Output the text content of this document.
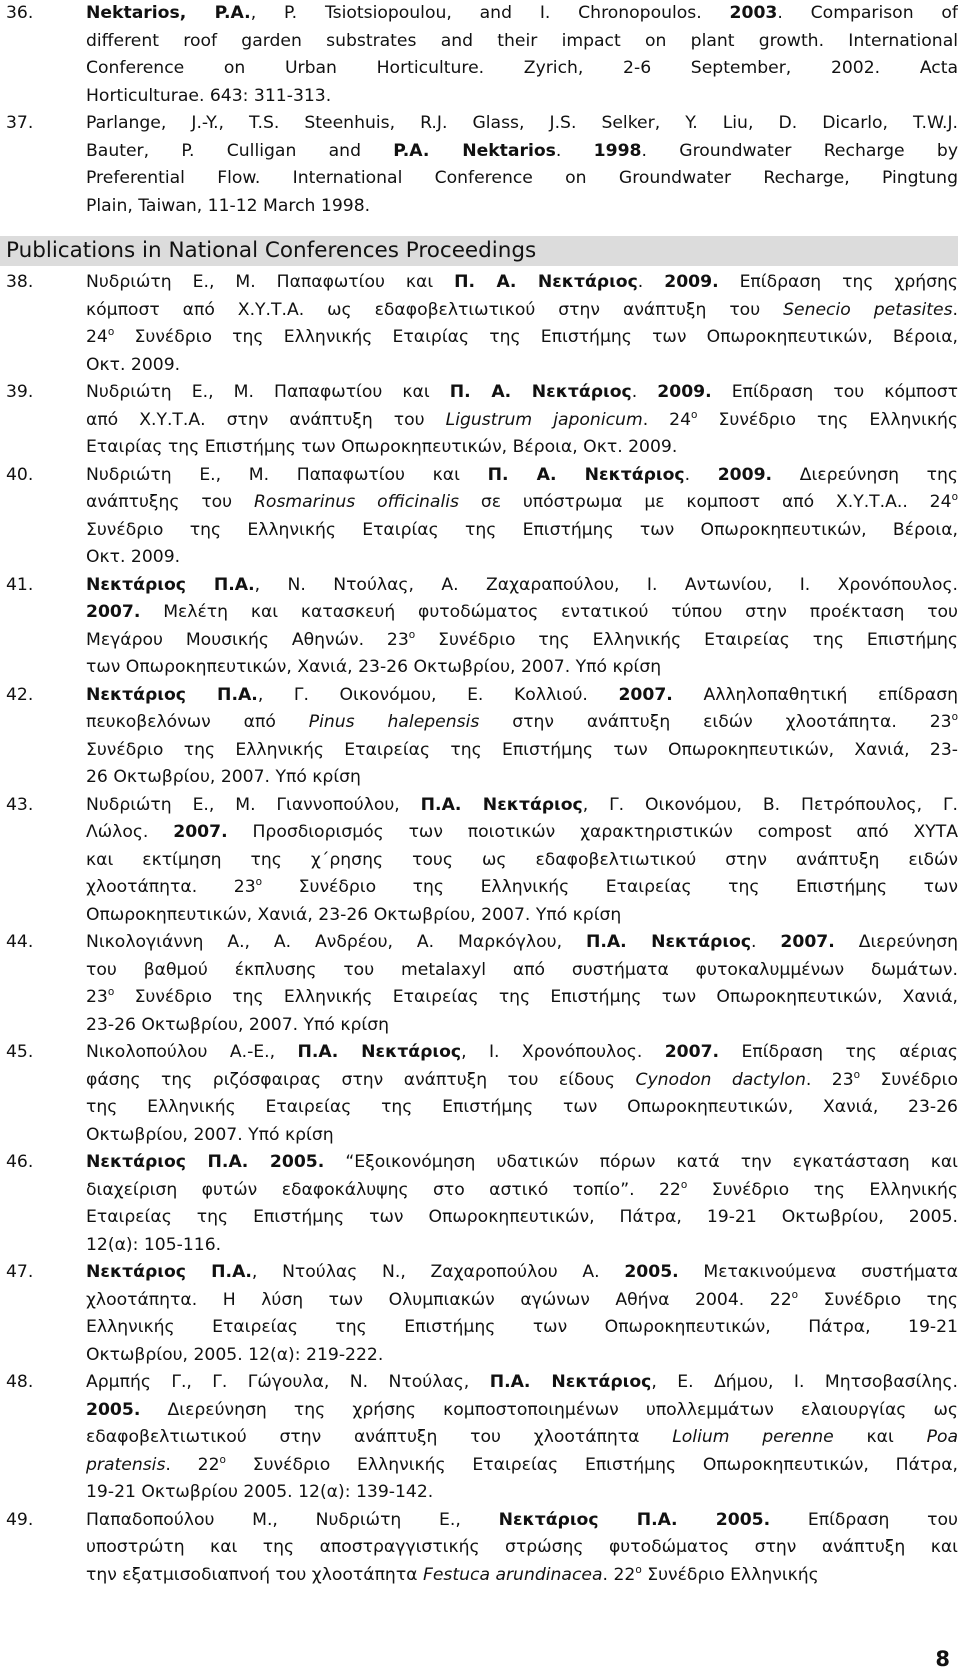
36.	Nektarios, P.A., P. Tsiotsiopoulou, and I. Chronopoulos. 2003. Comparison of
different roof garden substrates and their impact on plant growth. International
Conference on Urban Horticulture. Zyrich, 2-6 September, 2002. Acta
Horticulturae. 643: 311-313.
37.	Parlange, J.-Y., T.S. Steenhuis, R.J. Glass, J.S. Selker, Y. Liu, D. Dicarlo, T.W.J.
Bauter, P. Culligan and P.A. Nektarios. 1998. Groundwater Recharge by
Preferential Flow. International Conference on Groundwater Recharge, Pingtung
Plain, Taiwan, 11-12 March 1998.
Publications in National Conferences Proceedings
38.	Νυδριώτη Ε., Μ. Παπαφωτίου και Π. Α. Νεκτάριος. 2009. Επίδραση της χρήσης
κόμποστ από Χ.Υ.Τ.Α. ως εδαφοβελτιωτικού στην ανάπτυξη του Senecio petasites.
$24^o$ Συνέδριο της Ελληνικής Εταιρίας της Επιστήμης των Οπωροκηπευτικών, Βέροια,
Οκτ. 2009.
39.	Νυδριώτη Ε., Μ. Παπαφωτίου και Π. Α. Νεκτάριος. 2009. Επίδραση του κόμποστ
από Χ.Υ.Τ.Α. στην ανάπτυξη του Ligustrum japonicum. $24^o$ Συνέδριο της Ελληνικής
Εταιρίας της Επιστήμης των Οπωροκηπευτικών, Βέροια, Οκτ. 2009.
40.	Νυδριώτη Ε., Μ. Παπαφωτίου και Π. Α. Νεκτάριος. 2009. Διερεύνηση της
ανάπτυξης του Rosmarinus officinalis σε υπόστρωμα με κομποστ από Χ.Υ.Τ.Α.. $24^o$
Συνέδριο της Ελληνικής Εταιρίας της Επιστήμης των Οπωροκηπευτικών, Βέροια,
Οκτ. 2009.
41.	Νεκτάριος Π.Α., Ν. Ντούλας, Α. Ζαχαραπούλου, Ι. Αντωνίου, Ι. Χρονόπουλος.
2007. Μελέτη και κατασκευή φυτοδώματος εντατικού τύπου στην προέκταση του
Μεγάρου Μουσικής Αθηνών. $23^o$ Συνέδριο της Ελληνικής Εταιρείας της Επιστήμης
των Οπωροκηπευτικών, Χανιά, 23-26 Οκτωβρίου, 2007. Υπό κρίση
42.	Νεκτάριος Π.Α., Γ. Οικονόμου, Ε. Κολλιού. 2007. Αλληλοπαθητική επίδραση
πευκοβελόνων από Pinus halepensis στην ανάπτυξη ειδών χλοοτάπητα. $23^o$
Συνέδριο της Ελληνικής Εταιρείας της Επιστήμης των Οπωροκηπευτικών, Χανιά, 23-
26 Οκτωβρίου, 2007. Υπό κρίση
43.	Νυδριώτη Ε., Μ. Γιαννοπούλου, Π.Α. Νεκτάριος, Γ. Οικονόμου, Β. Πετρόπουλος, Γ.
Λώλος. 2007. Προσδιορισμός των ποιοτικών χαρακτηριστικών compost από ΧΥΤΑ
και εκτίμηση της χ΄ρησης τους ως εδαφοβελτιωτικού στην ανάπτυξη ειδών
χλοοτάπητα. $23^o$ Συνέδριο της Ελληνικής Εταιρείας της Επιστήμης των
Οπωροκηπευτικών, Χανιά, 23-26 Οκτωβρίου, 2007. Υπό κρίση
44.	Νικολογιάννη Α., Α. Ανδρέου, Α. Μαρκόγλου, Π.Α. Νεκτάριος. 2007. Διερεύνηση
του βαθμού έκπλυσης του metalaxyl από συστήματα φυτοκαλυμμένων δωμάτων.
$23^o$ Συνέδριο της Ελληνικής Εταιρείας της Επιστήμης των Οπωροκηπευτικών, Χανιά,
23-26 Οκτωβρίου, 2007. Υπό κρίση
45.	Νικολοπούλου Α.-Ε., Π.Α. Νεκτάριος, Ι. Χρονόπουλος. 2007. Επίδραση της αέριας
φάσης της ριζόσφαιρας στην ανάπτυξη του είδους Cynodon dactylon. $23^o$ Συνέδριο
της Ελληνικής Εταιρείας της Επιστήμης των Οπωροκηπευτικών, Χανιά, 23-26
Οκτωβρίου, 2007. Υπό κρίση
46.	Νεκτάριος Π.Α. 2005. “Εξοικονόμηση υδατικών πόρων κατά την εγκατάσταση και
διαχείριση φυτών εδαφοκάλυψης στο αστικό τοπίο”. $22^o$ Συνέδριο της Ελληνικής
Εταιρείας της Επιστήμης των Οπωροκηπευτικών, Πάτρα, 19-21 Οκτωβρίου, 2005.
12(α): 105-116.
47.	Νεκτάριος Π.Α., Ντούλας Ν., Ζαχαροπούλου Α. 2005. Μετακινούμενα συστήματα
χλοοτάπητα. Η λύση των Ολυμπιακών αγώνων Αθήνα 2004. $22^o$ Συνέδριο της
Ελληνικής Εταιρείας της Επιστήμης των Οπωροκηπευτικών, Πάτρα, 19-21
Οκτωβρίου, 2005. 12(α): 219-222.
48.	Αρμπής Γ., Γ. Γώγουλα, Ν. Ντούλας, Π.Α. Νεκτάριος, Ε. Δήμου, Ι. Μητσοβασίλης.
2005. Διερεύνηση της χρήσης κομποστοποιημένων υπολλεμμάτων ελαιουργίας ως
εδαφοβελτιωτικού στην ανάπτυξη του χλοοτάπητα Lolium perenne και Poa
pratensis. $22^o$ Συνέδριο Ελληνικής Εταιρείας Επιστήμης Οπωροκηπευτικών, Πάτρα,
19-21 Οκτωβρίου 2005. 12(α): 139-142.
49.	Παπαδοπούλου Μ., Νυδριώτη Ε., Νεκτάριος Π.Α. 2005. Επίδραση του
υποστρώτη και της αποστραγγιστικής στρώσης φυτοδώματος στην ανάπτυξη και
την εξατμισοδιαπνοή του χλοοτάπητα Festuca arundinacea. $22^o$ Συνέδριο Ελληνικής
8
